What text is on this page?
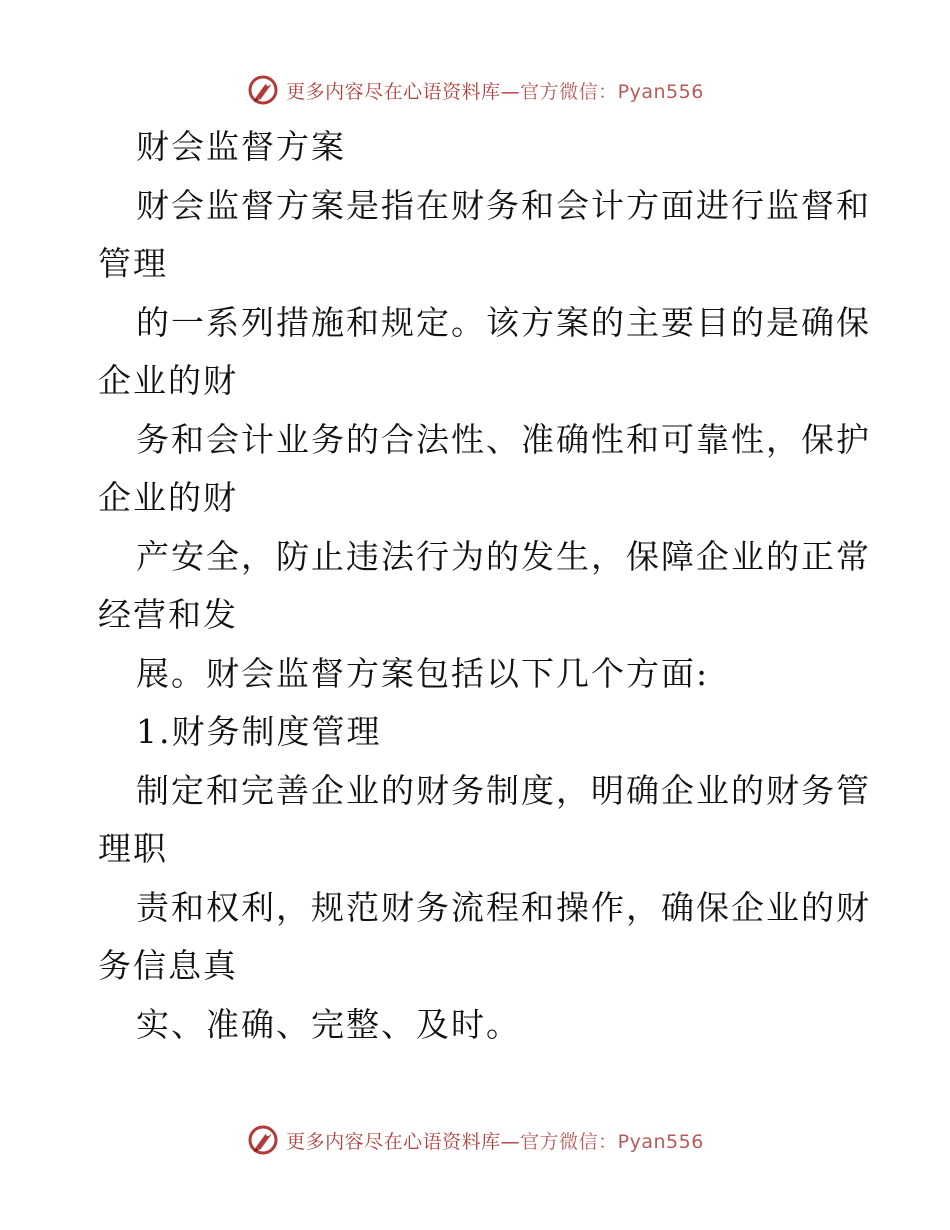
更多内容尽在心语资料库—官方微信：Pyan556
财会监督方案
财会监督方案是指在财务和会计方面进行监督和
管理
的一系列措施和规定。该方案的主要目的是确保
企业的财
务和会计业务的合法性、准确性和可靠性，保护
企业的财
产安全，防止违法行为的发生，保障企业的正常
经营和发
展。财会监督方案包括以下几个方面:
1.财务制度管理
制定和完善企业的财务制度，明确企业的财务管
理职
责和权利，规范财务流程和操作，确保企业的财
务信息真
实、准确、完整、及时。
更多内容尽在心语资料库—官方微信：Pyan556
